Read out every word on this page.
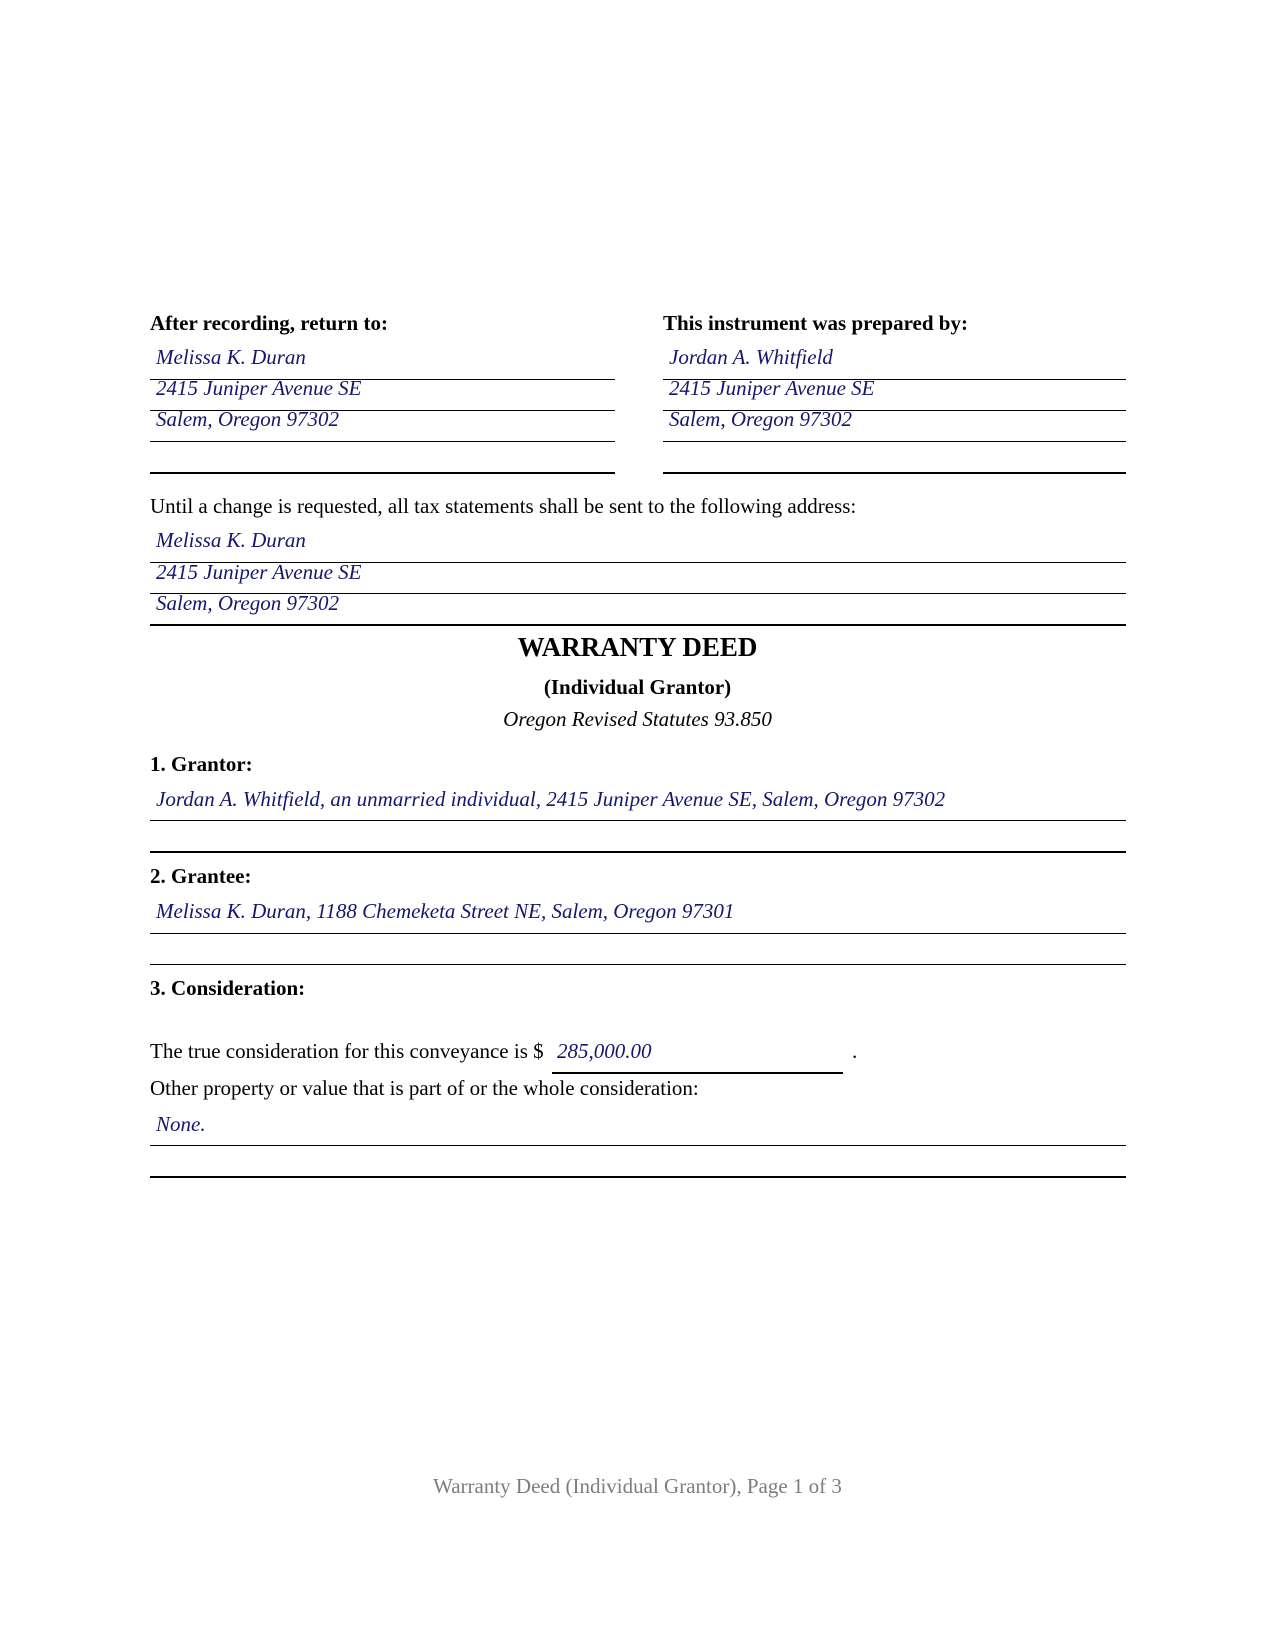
After recording, return to:
Melissa K. Duran
2415 Juniper Avenue SE
Salem, Oregon 97302
This instrument was prepared by:
Jordan A. Whitfield
2415 Juniper Avenue SE
Salem, Oregon 97302
Until a change is requested, all tax statements shall be sent to the following address:
Melissa K. Duran
2415 Juniper Avenue SE
Salem, Oregon 97302
WARRANTY DEED
(Individual Grantor)
Oregon Revised Statutes 93.850
1. Grantor:
Jordan A. Whitfield, an unmarried individual, 2415 Juniper Avenue SE, Salem, Oregon 97302
2. Grantee:
Melissa K. Duran, 1188 Chemeketa Street NE, Salem, Oregon 97301
3. Consideration:
The true consideration for this conveyance is $ 285,000.00	.
Other property or value that is part of or the whole consideration:
None.
Warranty Deed (Individual Grantor), Page 1 of 3
